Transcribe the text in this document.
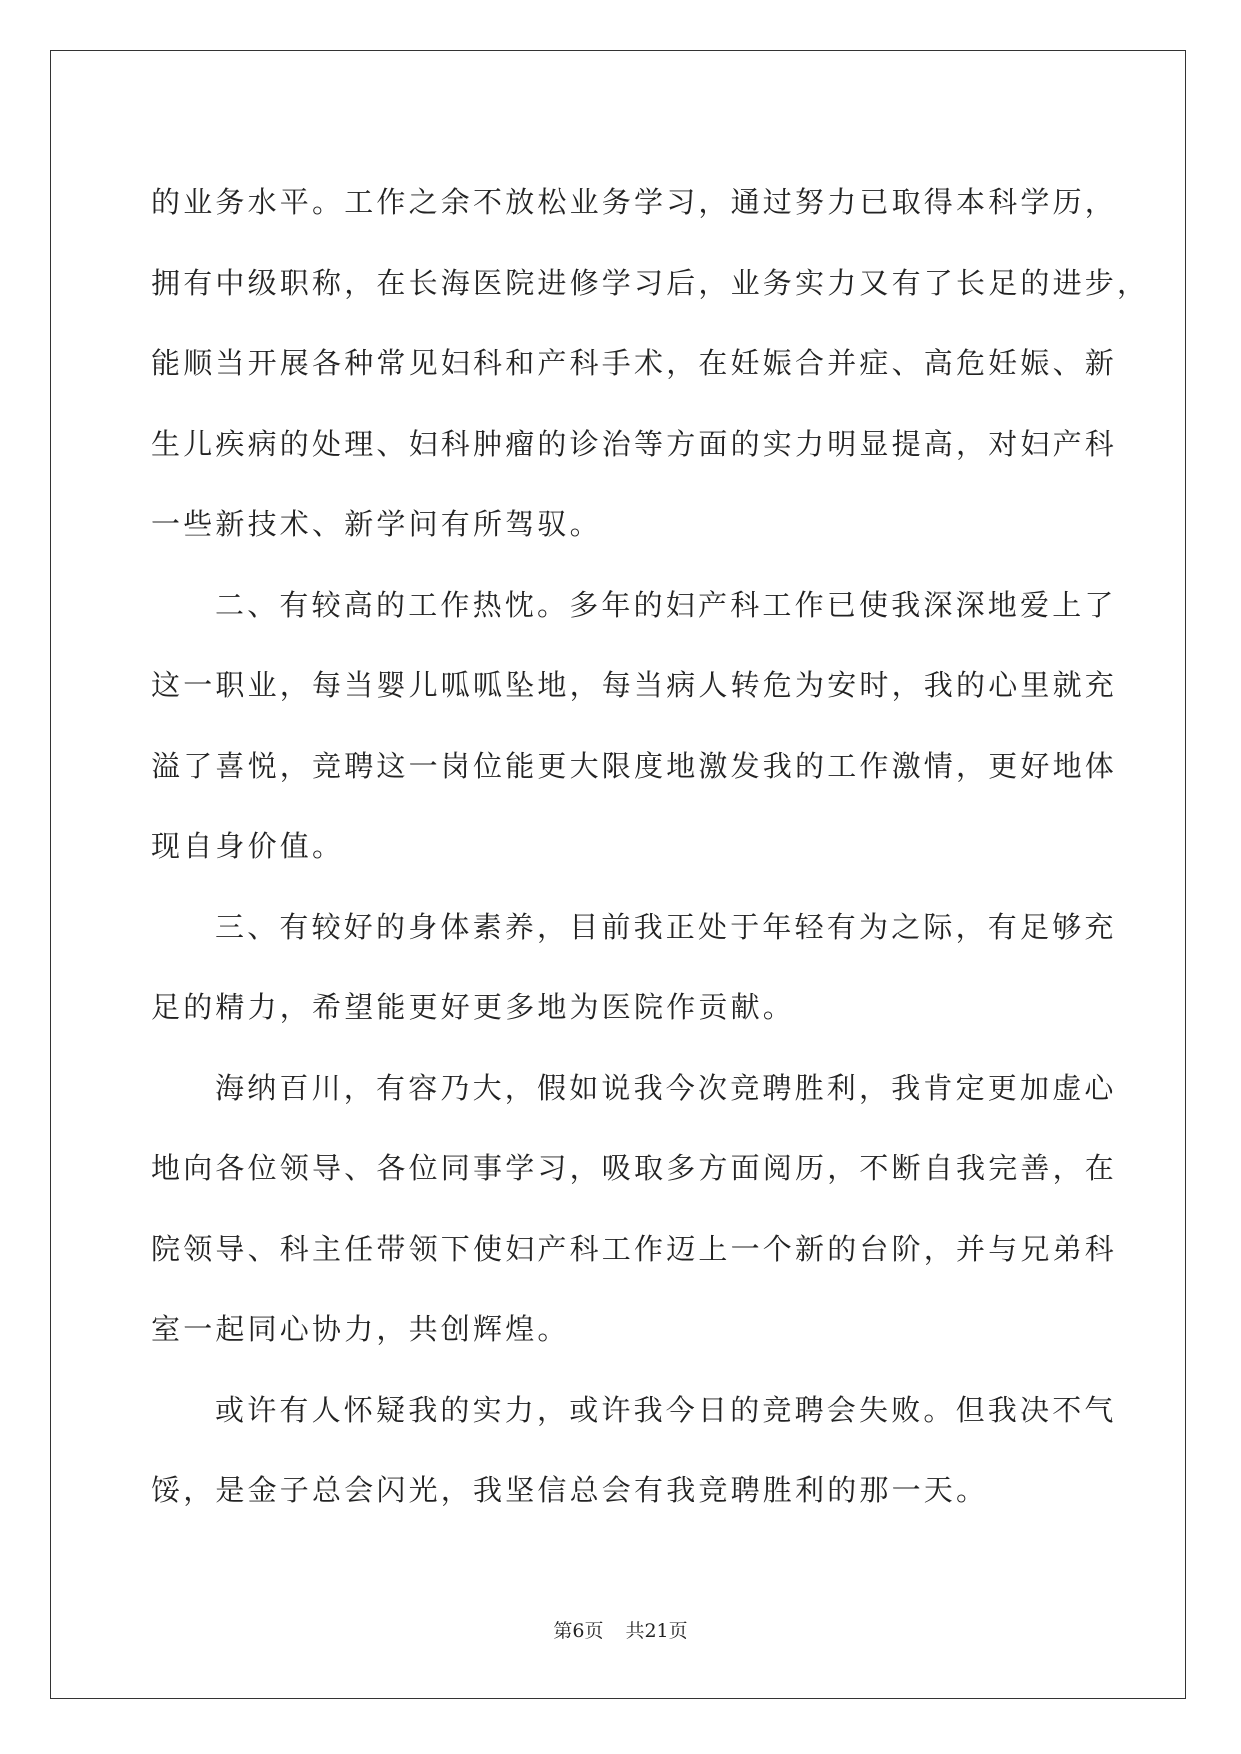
的业务水平。工作之余不放松业务学习，通过努力已取得本科学历，
拥有中级职称，在长海医院进修学习后，业务实力又有了长足的进步，
能顺当开展各种常见妇科和产科手术，在妊娠合并症、高危妊娠、新
生儿疾病的处理、妇科肿瘤的诊治等方面的实力明显提高，对妇产科
一些新技术、新学问有所驾驭。
二、有较高的工作热忱。多年的妇产科工作已使我深深地爱上了
这一职业，每当婴儿呱呱坠地，每当病人转危为安时，我的心里就充
溢了喜悦，竞聘这一岗位能更大限度地激发我的工作激情，更好地体
现自身价值。
三、有较好的身体素养，目前我正处于年轻有为之际，有足够充
足的精力，希望能更好更多地为医院作贡献。
海纳百川，有容乃大，假如说我今次竞聘胜利，我肯定更加虚心
地向各位领导、各位同事学习，吸取多方面阅历，不断自我完善，在
院领导、科主任带领下使妇产科工作迈上一个新的台阶，并与兄弟科
室一起同心协力，共创辉煌。
或许有人怀疑我的实力，或许我今日的竞聘会失败。但我决不气
馁，是金子总会闪光，我坚信总会有我竞聘胜利的那一天。
第6页 共21页
